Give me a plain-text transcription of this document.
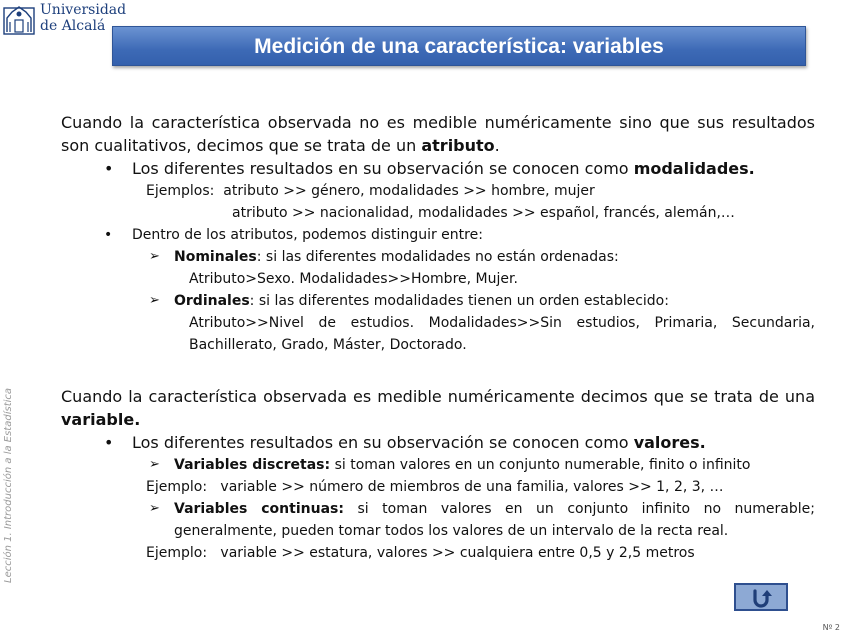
Universidad
de Alcalá
Medición de una característica: variables
Cuando la característica observada no es medible numéricamente sino que sus resultados son cualitativos, decimos que se trata de un atributo.
• Los diferentes resultados en su observación se conocen como modalidades.
Ejemplos: atributo >> género, modalidades >> hombre, mujer
atributo >> nacionalidad, modalidades >> español, francés, alemán,…
• Dentro de los atributos, podemos distinguir entre:
➢ Nominales: si las diferentes modalidades no están ordenadas:
Atributo>Sexo. Modalidades>>Hombre, Mujer.
➢ Ordinales: si las diferentes modalidades tienen un orden establecido:
Atributo>>Nivel de estudios. Modalidades>>Sin estudios, Primaria, Secundaria, Bachillerato, Grado, Máster, Doctorado.
Cuando la característica observada es medible numéricamente decimos que se trata de una variable.
• Los diferentes resultados en su observación se conocen como valores.
➢ Variables discretas: si toman valores en un conjunto numerable, finito o infinito
Ejemplo: variable >> número de miembros de una familia, valores >> 1, 2, 3, …
➢ Variables continuas: si toman valores en un conjunto infinito no numerable; generalmente, pueden tomar todos los valores de un intervalo de la recta real.
Ejemplo: variable >> estatura, valores >> cualquiera entre 0,5 y 2,5 metros
Lección 1. Introducción a la Estadística
Nº 2
